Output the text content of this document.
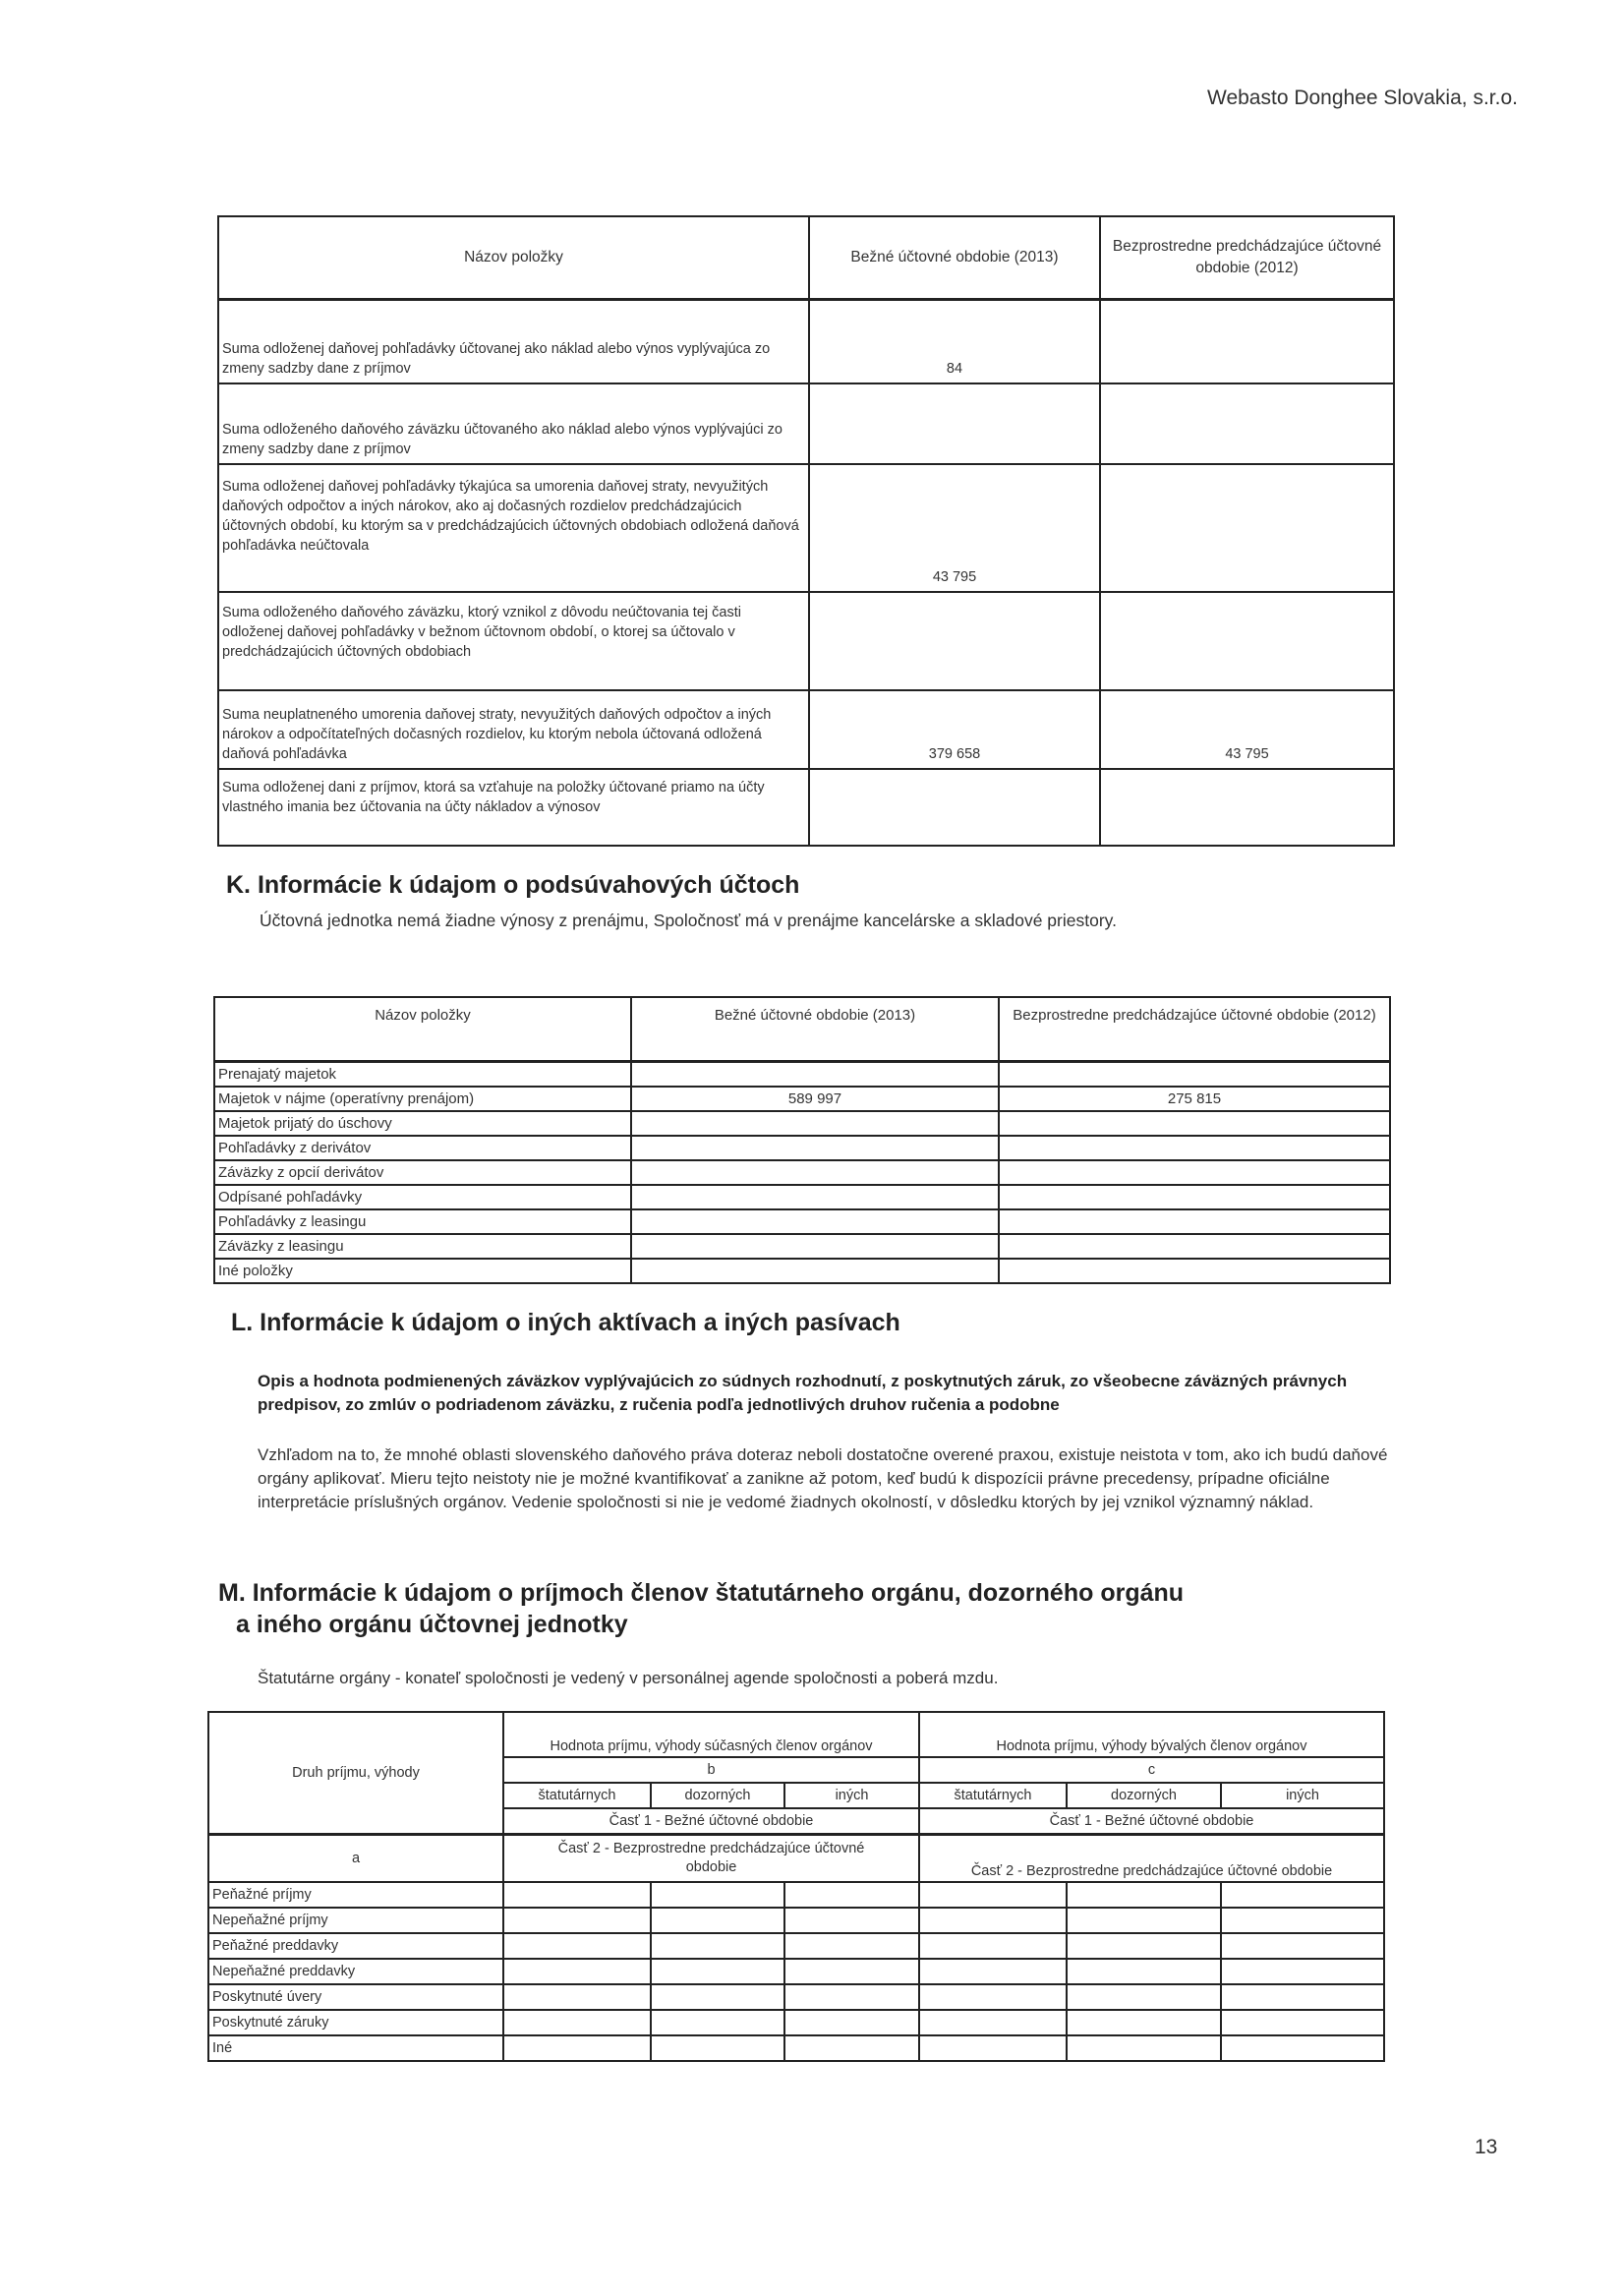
Webasto Donghee Slovakia, s.r.o.
Názov položky	Bežné účtovné obdobie (2013)	Bezprostredne predchádzajúce účtovné obdobie (2012)
Suma odloženej daňovej pohľadávky účtovanej ako náklad alebo výnos vyplývajúca zo zmeny sadzby dane z príjmov	84	
Suma odloženého daňového záväzku účtovaného ako náklad alebo výnos vyplývajúci zo zmeny sadzby dane z príjmov		
Suma odloženej daňovej pohľadávky týkajúca sa umorenia daňovej straty, nevyužitých daňových odpočtov a iných nárokov, ako aj dočasných rozdielov predchádzajúcich účtovných období, ku ktorým sa v predchádzajúcich účtovných obdobiach odložená daňová pohľadávka neúčtovala	43 795	
Suma odloženého daňového záväzku, ktorý vznikol z dôvodu neúčtovania tej časti odloženej daňovej pohľadávky v bežnom účtovnom období, o ktorej sa účtovalo v predchádzajúcich účtovných obdobiach		
Suma neuplatneného umorenia daňovej straty, nevyužitých daňových odpočtov a iných nárokov a odpočítateľných dočasných rozdielov, ku ktorým nebola účtovaná odložená daňová pohľadávka	379 658	43 795
Suma odloženej dani z príjmov, ktorá sa vzťahuje na položky účtované priamo na účty vlastného imania bez účtovania na účty nákladov a výnosov		
K. Informácie k údajom o podsúvahových účtoch
Účtovná jednotka nemá žiadne výnosy z prenájmu, Spoločnosť má v prenájme kancelárske a skladové priestory.
Názov položky	Bežné účtovné obdobie (2013)	Bezprostredne predchádzajúce účtovné obdobie (2012)
Prenajatý majetok		
Majetok v nájme (operatívny prenájom)	589 997	275 815
Majetok prijatý do úschovy		
Pohľadávky z derivátov		
Záväzky z opcií derivátov		
Odpísané pohľadávky		
Pohľadávky z leasingu		
Záväzky z leasingu		
Iné položky		
L. Informácie k údajom o iných aktívach a iných pasívach
Opis a hodnota podmienených záväzkov vyplývajúcich zo súdnych rozhodnutí, z poskytnutých záruk, zo všeobecne záväzných právnych predpisov, zo zmlúv o podriadenom záväzku, z ručenia podľa jednotlivých druhov ručenia a podobne
Vzhľadom na to, že mnohé oblasti slovenského daňového práva doteraz neboli dostatočne overené praxou, existuje neistota v tom, ako ich budú daňové orgány aplikovať. Mieru tejto neistoty nie je možné kvantifikovať a zanikne až potom, keď budú k dispozícii právne precedensy, prípadne oficiálne interpretácie príslušných orgánov. Vedenie spoločnosti si nie je vedomé žiadnych okolností, v dôsledku ktorých by jej vznikol významný náklad.
M. Informácie k údajom o príjmoch členov štatutárneho orgánu, dozorného orgánu
a iného orgánu účtovnej jednotky
Štatutárne orgány - konateľ spoločnosti je vedený v personálnej agende spoločnosti a poberá mzdu.
Druh príjmu, výhody	Hodnota príjmu, výhody súčasných členov orgánov			Hodnota príjmu, výhody bývalých členov orgánov		
	b			c		
	štatutárnych	dozorných	iných	štatutárnych	dozorných	iných
	Časť 1 - Bežné účtovné obdobie			Časť 1 - Bežné účtovné obdobie		
a	Časť 2 - Bezprostredne predchádzajúce účtovné obdobie			Časť 2 - Bezprostredne predchádzajúce účtovné obdobie		
Peňažné príjmy						
Nepeňažné príjmy						
Peňažné preddavky						
Nepeňažné preddavky						
Poskytnuté úvery						
Poskytnuté záruky						
Iné						
13
